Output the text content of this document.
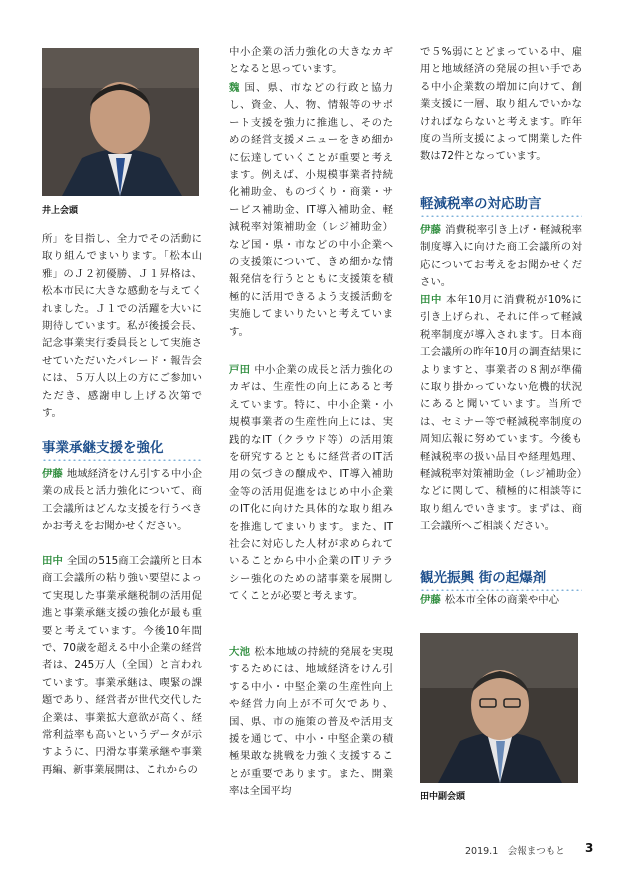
井上会頭

所」を目指し、全力でその活動に取り組んでまいります。「松本山雅」のＪ２初優勝、Ｊ１昇格は、松本市民に大きな感動を与えてくれました。Ｊ１での活躍を大いに期待しています。私が後援会長、記念事業実行委員長として実施させていただいたパレード・報告会には、５万人以上の方にご参加いただき、感謝申し上げる次第です。

事業承継支援を強化

伊藤 地域経済をけん引する中小企業の成長と活力強化について、商工会議所はどんな支援を行うべきかお考えをお聞かせください。

田中 全国の515商工会議所と日本商工会議所の粘り強い要望によって実現した事業承継税制の活用促進と事業承継支援の強化が最も重要と考えています。今後10年間で、70歳を超える中小企業の経営者は、245万人（全国）と言われています。事業承継は、喫緊の課題であり、経営者が世代交代した企業は、事業拡大意欲が高く、経常利益率も高いというデータが示すように、円滑な事業承継や事業再編、新事業展開は、これからの

中小企業の活力強化の大きなカギとなると思っています。

魏 国、県、市などの行政と協力し、資金、人、物、情報等のサポート支援を強力に推進し、そのための経営支援メニューをきめ細かに伝達していくことが重要と考えます。例えば、小規模事業者持続化補助金、ものづくり・商業・サービス補助金、IT導入補助金、軽減税率対策補助金（レジ補助金）など国・県・市などの中小企業への支援策について、きめ細かな情報発信を行うとともに支援策を積極的に活用できるよう支援活動を実施してまいりたいと考えています。

戸田 中小企業の成長と活力強化のカギは、生産性の向上にあると考えています。特に、中小企業・小規模事業者の生産性向上には、実践的なIT（クラウド等）の活用策を研究するとともに経営者のIT活用の気づきの醸成や、IT導入補助金等の活用促進をはじめ中小企業のIT化に向けた具体的な取り組みを推進してまいります。また、IT社会に対応した人材が求められていることから中小企業のITリテラシー強化のための諸事業を展開してくことが必要と考えます。

大池 松本地域の持続的発展を実現するためには、地域経済をけん引する中小・中堅企業の生産性向上や経営力向上が不可欠であり、国、県、市の施策の普及や活用支援を通じて、中小・中堅企業の積極果敢な挑戦を力強く支援することが重要であります。また、開業率は全国平均

で５%弱にとどまっている中、雇用と地域経済の発展の担い手である中小企業数の増加に向けて、創業支援に一層、取り組んでいかなければならないと考えます。昨年度の当所支援によって開業した件数は72件となっています。

軽減税率の対応助言

伊藤 消費税率引き上げ・軽減税率制度導入に向けた商工会議所の対応についてお考えをお聞かせください。

田中 本年10月に消費税が10%に引き上げられ、それに伴って軽減税率制度が導入されます。日本商工会議所の昨年10月の調査結果によりますと、事業者の８割が準備に取り掛かっていない危機的状況にあると聞いています。当所では、セミナー等で軽減税率制度の周知広報に努めています。今後も軽減税率の扱い品目や経理処理、軽減税率対策補助金（レジ補助金）などに関して、積極的に相談等に取り組んでいきます。まずは、商工会議所へご相談ください。

観光振興 街の起爆剤

伊藤 松本市全体の商業や中心

田中副会頭
2019.1　会報まつもと 3
